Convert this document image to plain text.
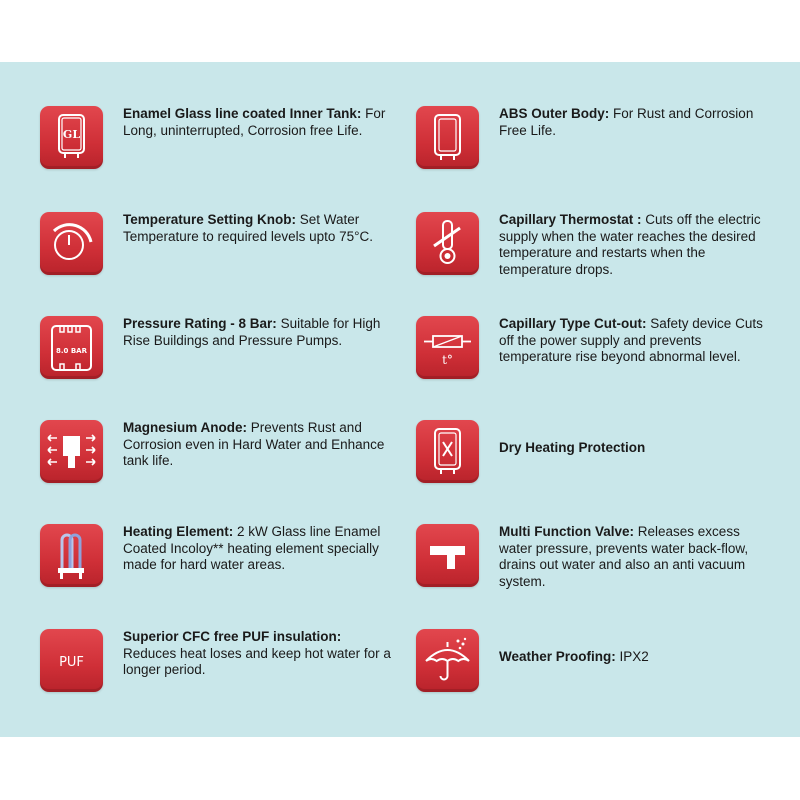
GL
Enamel Glass line coated Inner Tank: For Long, uninterrupted, Corrosion free Life.
Temperature Setting Knob: Set Water Temperature to required levels upto 75°C.
8.0 BAR
Pressure Rating - 8 Bar: Suitable for High Rise Buildings and Pressure Pumps.
Magnesium Anode: Prevents Rust and Corrosion even in Hard Water and Enhance tank life.
Heating Element: 2 kW Glass line Enamel Coated Incoloy** heating element specially made for hard water areas.
PUF
Superior CFC free PUF insulation: Reduces heat loses and keep hot water for a longer period.
ABS Outer Body: For Rust and Corrosion Free Life.
Capillary Thermostat : Cuts off the electric supply when the water reaches the desired temperature and restarts when the temperature drops.
t°
Capillary Type Cut-out: Safety device Cuts off the power supply and prevents temperature rise beyond abnormal level.
Dry Heating Protection
Multi Function Valve: Releases excess water pressure, prevents water back-flow, drains out water and also an anti vacuum system.
Weather Proofing: IPX2
